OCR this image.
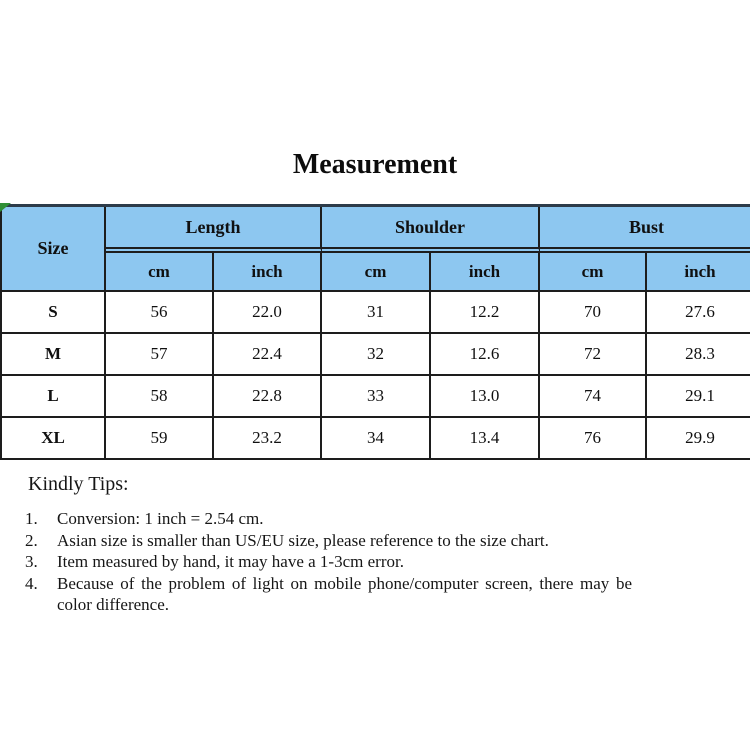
Measurement
Size	Length		Shoulder		Bust	
	cm	inch	cm	inch	cm	inch
S	56	22.0	31	12.2	70	27.6
M	57	22.4	32	12.6	72	28.3
L	58	22.8	33	13.0	74	29.1
XL	59	23.2	34	13.4	76	29.9
Kindly Tips:
1.	Conversion: 1 inch = 2.54 cm.
2.	Asian size is smaller than US/EU size, please reference to the size chart.
3.	Item measured by hand, it may have a 1-3cm error.
4.	Because of the problem of light on mobile phone/computer screen, there may be color difference.
